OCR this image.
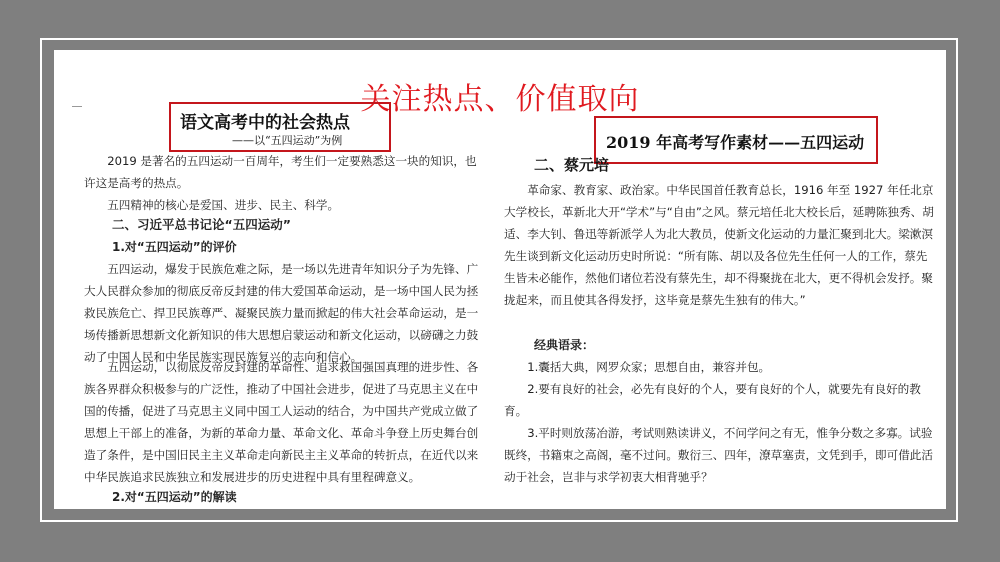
关注热点、价值取向
语文高考中的社会热点
——以“五四运动”为例

2019 是著名的五四运动一百周年，考生们一定要熟悉这一块的知识，也许这是高考的热点。

五四精神的核心是爱国、进步、民主、科学。

二、习近平总书记论“五四运动”

1.对“五四运动”的评价

五四运动，爆发于民族危难之际，是一场以先进青年知识分子为先锋、广大人民群众参加的彻底反帝反封建的伟大爱国革命运动，是一场中国人民为拯救民族危亡、捍卫民族尊严、凝聚民族力量而掀起的伟大社会革命运动，是一场传播新思想新文化新知识的伟大思想启蒙运动和新文化运动，以磅礴之力鼓动了中国人民和中华民族实现民族复兴的志向和信心。

五四运动，以彻底反帝反封建的革命性、追求救国强国真理的进步性、各族各界群众积极参与的广泛性，推动了中国社会进步，促进了马克思主义在中国的传播，促进了马克思主义同中国工人运动的结合，为中国共产党成立做了思想上干部上的准备，为新的革命力量、革命文化、革命斗争登上历史舞台创造了条件，是中国旧民主主义革命走向新民主主义革命的转折点，在近代以来中华民族追求民族独立和发展进步的历史进程中具有里程碑意义。

2.对“五四运动”的解读

2019 年高考写作素材——五四运动
二、蔡元培

革命家、教育家、政治家。中华民国首任教育总长，1916 年至 1927 年任北京大学校长，革新北大开“学术”与“自由”之风。蔡元培任北大校长后，延聘陈独秀、胡适、李大钊、鲁迅等新派学人为北大教员，使新文化运动的力量汇聚到北大。梁漱溟先生谈到新文化运动历史时所说：“所有陈、胡以及各位先生任何一人的工作，蔡先生皆未必能作，然他们诸位若没有蔡先生，却不得聚拢在北大，更不得机会发抒。聚拢起来，而且使其各得发抒，这毕竟是蔡先生独有的伟大。”

经典语录：

1.囊括大典，网罗众家；思想自由，兼容并包。

2.要有良好的社会，必先有良好的个人，要有良好的个人，就要先有良好的教育。

3.平时则放荡冶游，考试则熟读讲义，不问学问之有无，惟争分数之多寡。试验既终，书籍束之高阁，毫不过问。敷衍三、四年，潦草塞责，文凭到手，即可借此活动于社会，岂非与求学初衷大相背驰乎？
